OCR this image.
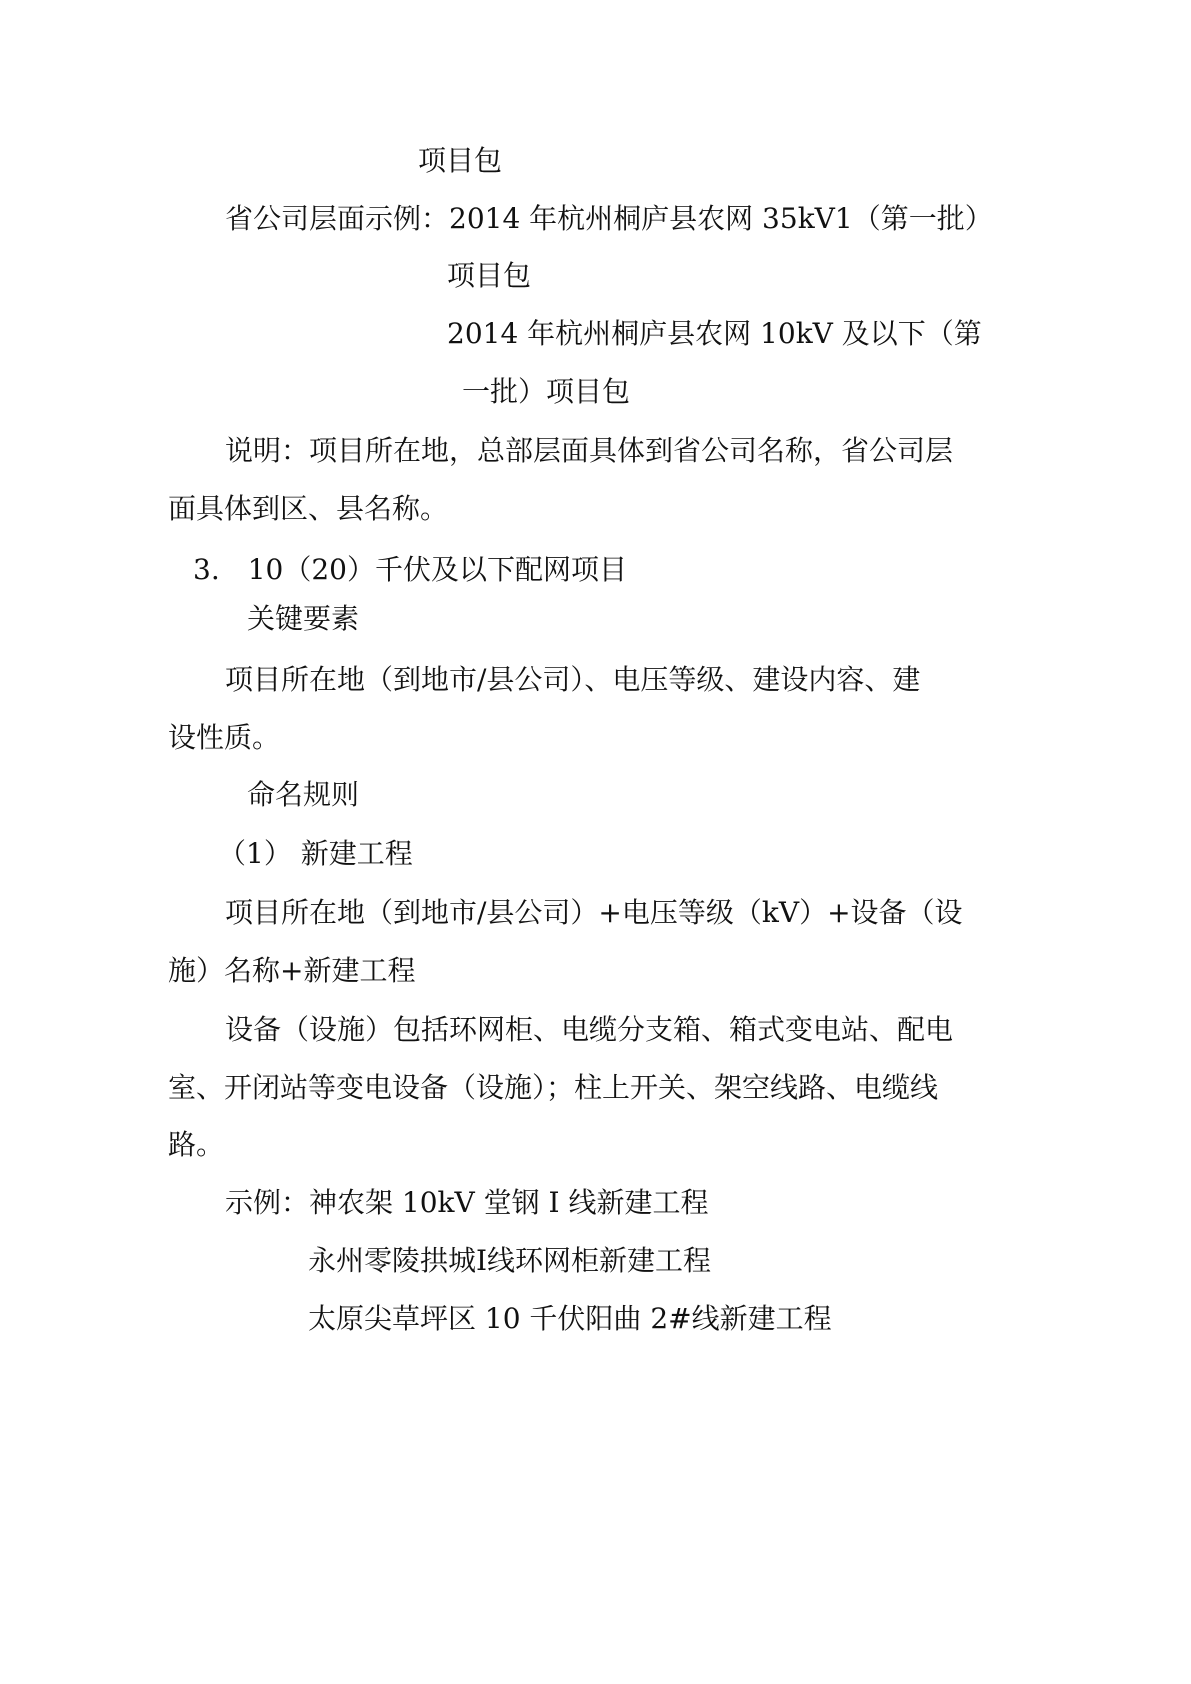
项目包
省公司层面示例：2014 年杭州桐庐县农网 35kV1（第一批）
项目包
2014 年杭州桐庐县农网 10kV 及以下（第
一批）项目包
说明：项目所在地，总部层面具体到省公司名称，省公司层
面具体到区、县名称。
3.　10（20）千伏及以下配网项目
关键要素
项目所在地（到地市/县公司）、电压等级、建设内容、建
设性质。
命名规则
（1） 新建工程
项目所在地（到地市/县公司）+电压等级（kV）+设备（设
施）名称+新建工程
设备（设施）包括环网柜、电缆分支箱、箱式变电站、配电
室、开闭站等变电设备（设施）；柱上开关、架空线路、电缆线
路。
示例：神农架 10kV 堂钢 I 线新建工程
永州零陵拱城I线环网柜新建工程
太原尖草坪区 10 千伏阳曲 2#线新建工程
